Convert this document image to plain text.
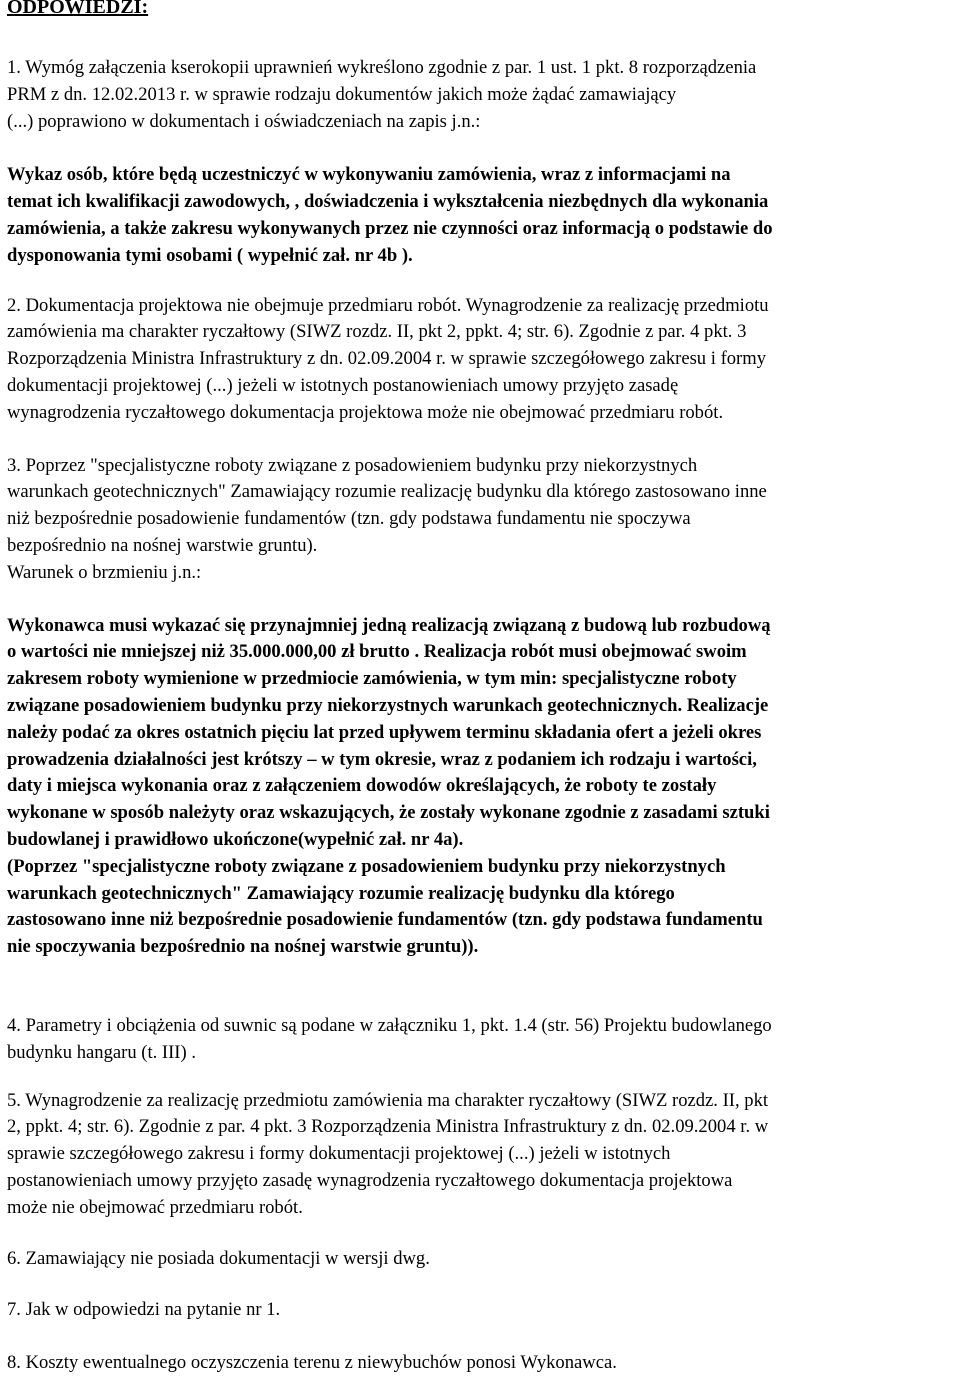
ODPOWIEDZI:

1. Wymóg załączenia kserokopii uprawnień wykreślono zgodnie z par. 1 ust. 1 pkt. 8 rozporządzenia
PRM z dn. 12.02.2013 r. w sprawie rodzaju dokumentów jakich może żądać zamawiający
(...) poprawiono w dokumentach i oświadczeniach na zapis j.n.:

Wykaz osób, które będą uczestniczyć w wykonywaniu zamówienia, wraz z informacjami na
temat ich kwalifikacji zawodowych, , doświadczenia i wykształcenia niezbędnych dla wykonania
zamówienia, a także zakresu wykonywanych przez nie czynności oraz informacją o podstawie do
dysponowania tymi osobami ( wypełnić zał. nr 4b ).

2. Dokumentacja projektowa nie obejmuje przedmiaru robót. Wynagrodzenie za realizację przedmiotu
zamówienia ma charakter ryczałtowy (SIWZ rozdz. II, pkt 2, ppkt. 4; str. 6). Zgodnie z par. 4 pkt. 3
Rozporządzenia Ministra Infrastruktury z dn. 02.09.2004 r. w sprawie szczegółowego zakresu i formy
dokumentacji projektowej (...) jeżeli w istotnych postanowieniach umowy przyjęto zasadę
wynagrodzenia ryczałtowego dokumentacja projektowa może nie obejmować przedmiaru robót.

3. Poprzez "specjalistyczne roboty związane z posadowieniem budynku przy niekorzystnych
warunkach geotechnicznych" Zamawiający rozumie realizację budynku dla którego zastosowano inne
niż bezpośrednie posadowienie fundamentów (tzn. gdy podstawa fundamentu nie spoczywa
bezpośrednio na nośnej warstwie gruntu).
Warunek o brzmieniu j.n.:

Wykonawca musi wykazać się przynajmniej jedną realizacją związaną z budową lub rozbudową
o wartości nie mniejszej niż 35.000.000,00 zł brutto . Realizacja robót musi obejmować swoim
zakresem roboty wymienione w przedmiocie zamówienia, w tym min: specjalistyczne roboty
związane posadowieniem budynku przy niekorzystnych warunkach geotechnicznych. Realizacje
należy podać za okres ostatnich pięciu lat przed upływem terminu składania ofert a jeżeli okres
prowadzenia działalności jest krótszy – w tym okresie, wraz z podaniem ich rodzaju i wartości,
daty i miejsca wykonania oraz z załączeniem dowodów określających, że roboty te zostały
wykonane w sposób należyty oraz wskazujących, że zostały wykonane zgodnie z zasadami sztuki
budowlanej i prawidłowo ukończone(wypełnić zał. nr 4a).
(Poprzez "specjalistyczne roboty związane z posadowieniem budynku przy niekorzystnych
warunkach geotechnicznych" Zamawiający rozumie realizację budynku dla którego
zastosowano inne niż bezpośrednie posadowienie fundamentów (tzn. gdy podstawa fundamentu
nie spoczywania bezpośrednio na nośnej warstwie gruntu)).

4. Parametry i obciążenia od suwnic są podane w załączniku 1, pkt. 1.4 (str. 56) Projektu budowlanego
budynku hangaru (t. III) .

5. Wynagrodzenie za realizację przedmiotu zamówienia ma charakter ryczałtowy (SIWZ rozdz. II, pkt
2, ppkt. 4; str. 6). Zgodnie z par. 4 pkt. 3 Rozporządzenia Ministra Infrastruktury z dn. 02.09.2004 r. w
sprawie szczegółowego zakresu i formy dokumentacji projektowej (...) jeżeli w istotnych
postanowieniach umowy przyjęto zasadę wynagrodzenia ryczałtowego dokumentacja projektowa
może nie obejmować przedmiaru robót.

6. Zamawiający nie posiada dokumentacji w wersji dwg.

7. Jak w odpowiedzi na pytanie nr 1.

8. Koszty ewentualnego oczyszczenia terenu z niewybuchów ponosi Wykonawca.
